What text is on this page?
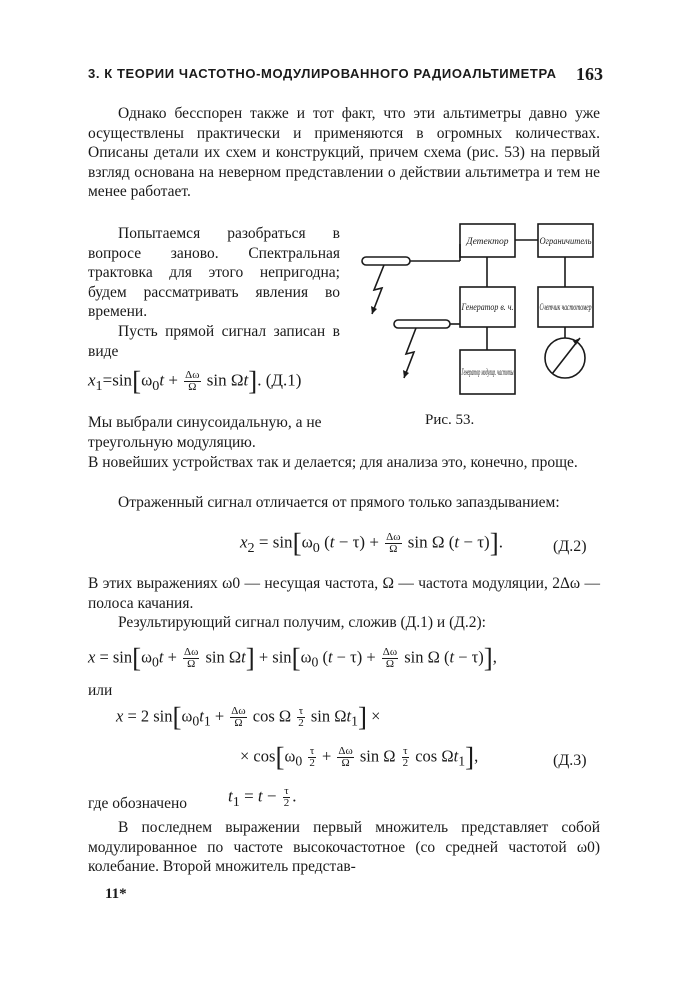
3. К ТЕОРИИ ЧАСТОТНО-МОДУЛИРОВАННОГО РАДИОАЛЬТИМЕТРА 163

Однако бесспорен также и тот факт, что эти альтиметры давно уже осуществлены практически и применяются в огромных количествах. Описаны детали их схем и конструкций, причем схема (рис. 53) на первый взгляд основана на неверном представлении о действии альтиметра и тем не менее работает.

Попытаемся разобраться в вопросе заново. Спектральная трактовка для этого непригодна; будем рассматривать явления во времени.

Пусть прямой сигнал записан в виде

$x_1=\sin[\omega_0t + \frac{\Delta\omega}{\Omega}$ sin Ωt]. (Д.1)

Мы выбрали синусоидальную, а не треугольную модуляцию.

В новейших устройствах так и делается; для анализа это, конечно, проще.

Отраженный сигнал отличается от прямого только запаздыванием:

$x_2 = \sin[\omega_0$ $(t - \tau) + \frac{\Delta\omega}{\Omega}$ sin Ω (t − τ)].	(Д.2)

В этих выражениях ω0 — несущая частота, Ω — частота модуляции, 2Δω — полоса качания.

Результирующий сигнал получим, сложив (Д.1) и (Д.2):

$x = \sin[\omega_0t + \frac{\Delta\omega}{\Omega}$ $\sin \Omega t] + \sin[\omega_0$ $(t - \tau) + \frac{\Delta\omega}{\Omega}$ sin Ω (t − τ)],

или

x = 2 $\sin[\omega_0t_1 + \frac{\Delta\omega}{\Omega}$ cos Ω $\frac{\tau}{2}$ $\sin \Omega t_1$] ×
× $\cos[\omega_0 \frac{\tau}{2} + \frac{\Delta\omega}{\Omega}$ sin Ω $\frac{\tau}{2}$ $\cos \Omega t_1$],	(Д.3)

где обозначено	$t_1 = t - \frac{\tau}{2}$ .

В последнем выражении первый множитель представляет собой модулированное по частоте высокочастотное (со средней частотой ω0) колебание. Второй множитель представ-

11*
Детектор	Ограничитель
Генератор в. ч.	Счетчик частотомер
Генератор модулир. частоты
Рис. 53.
